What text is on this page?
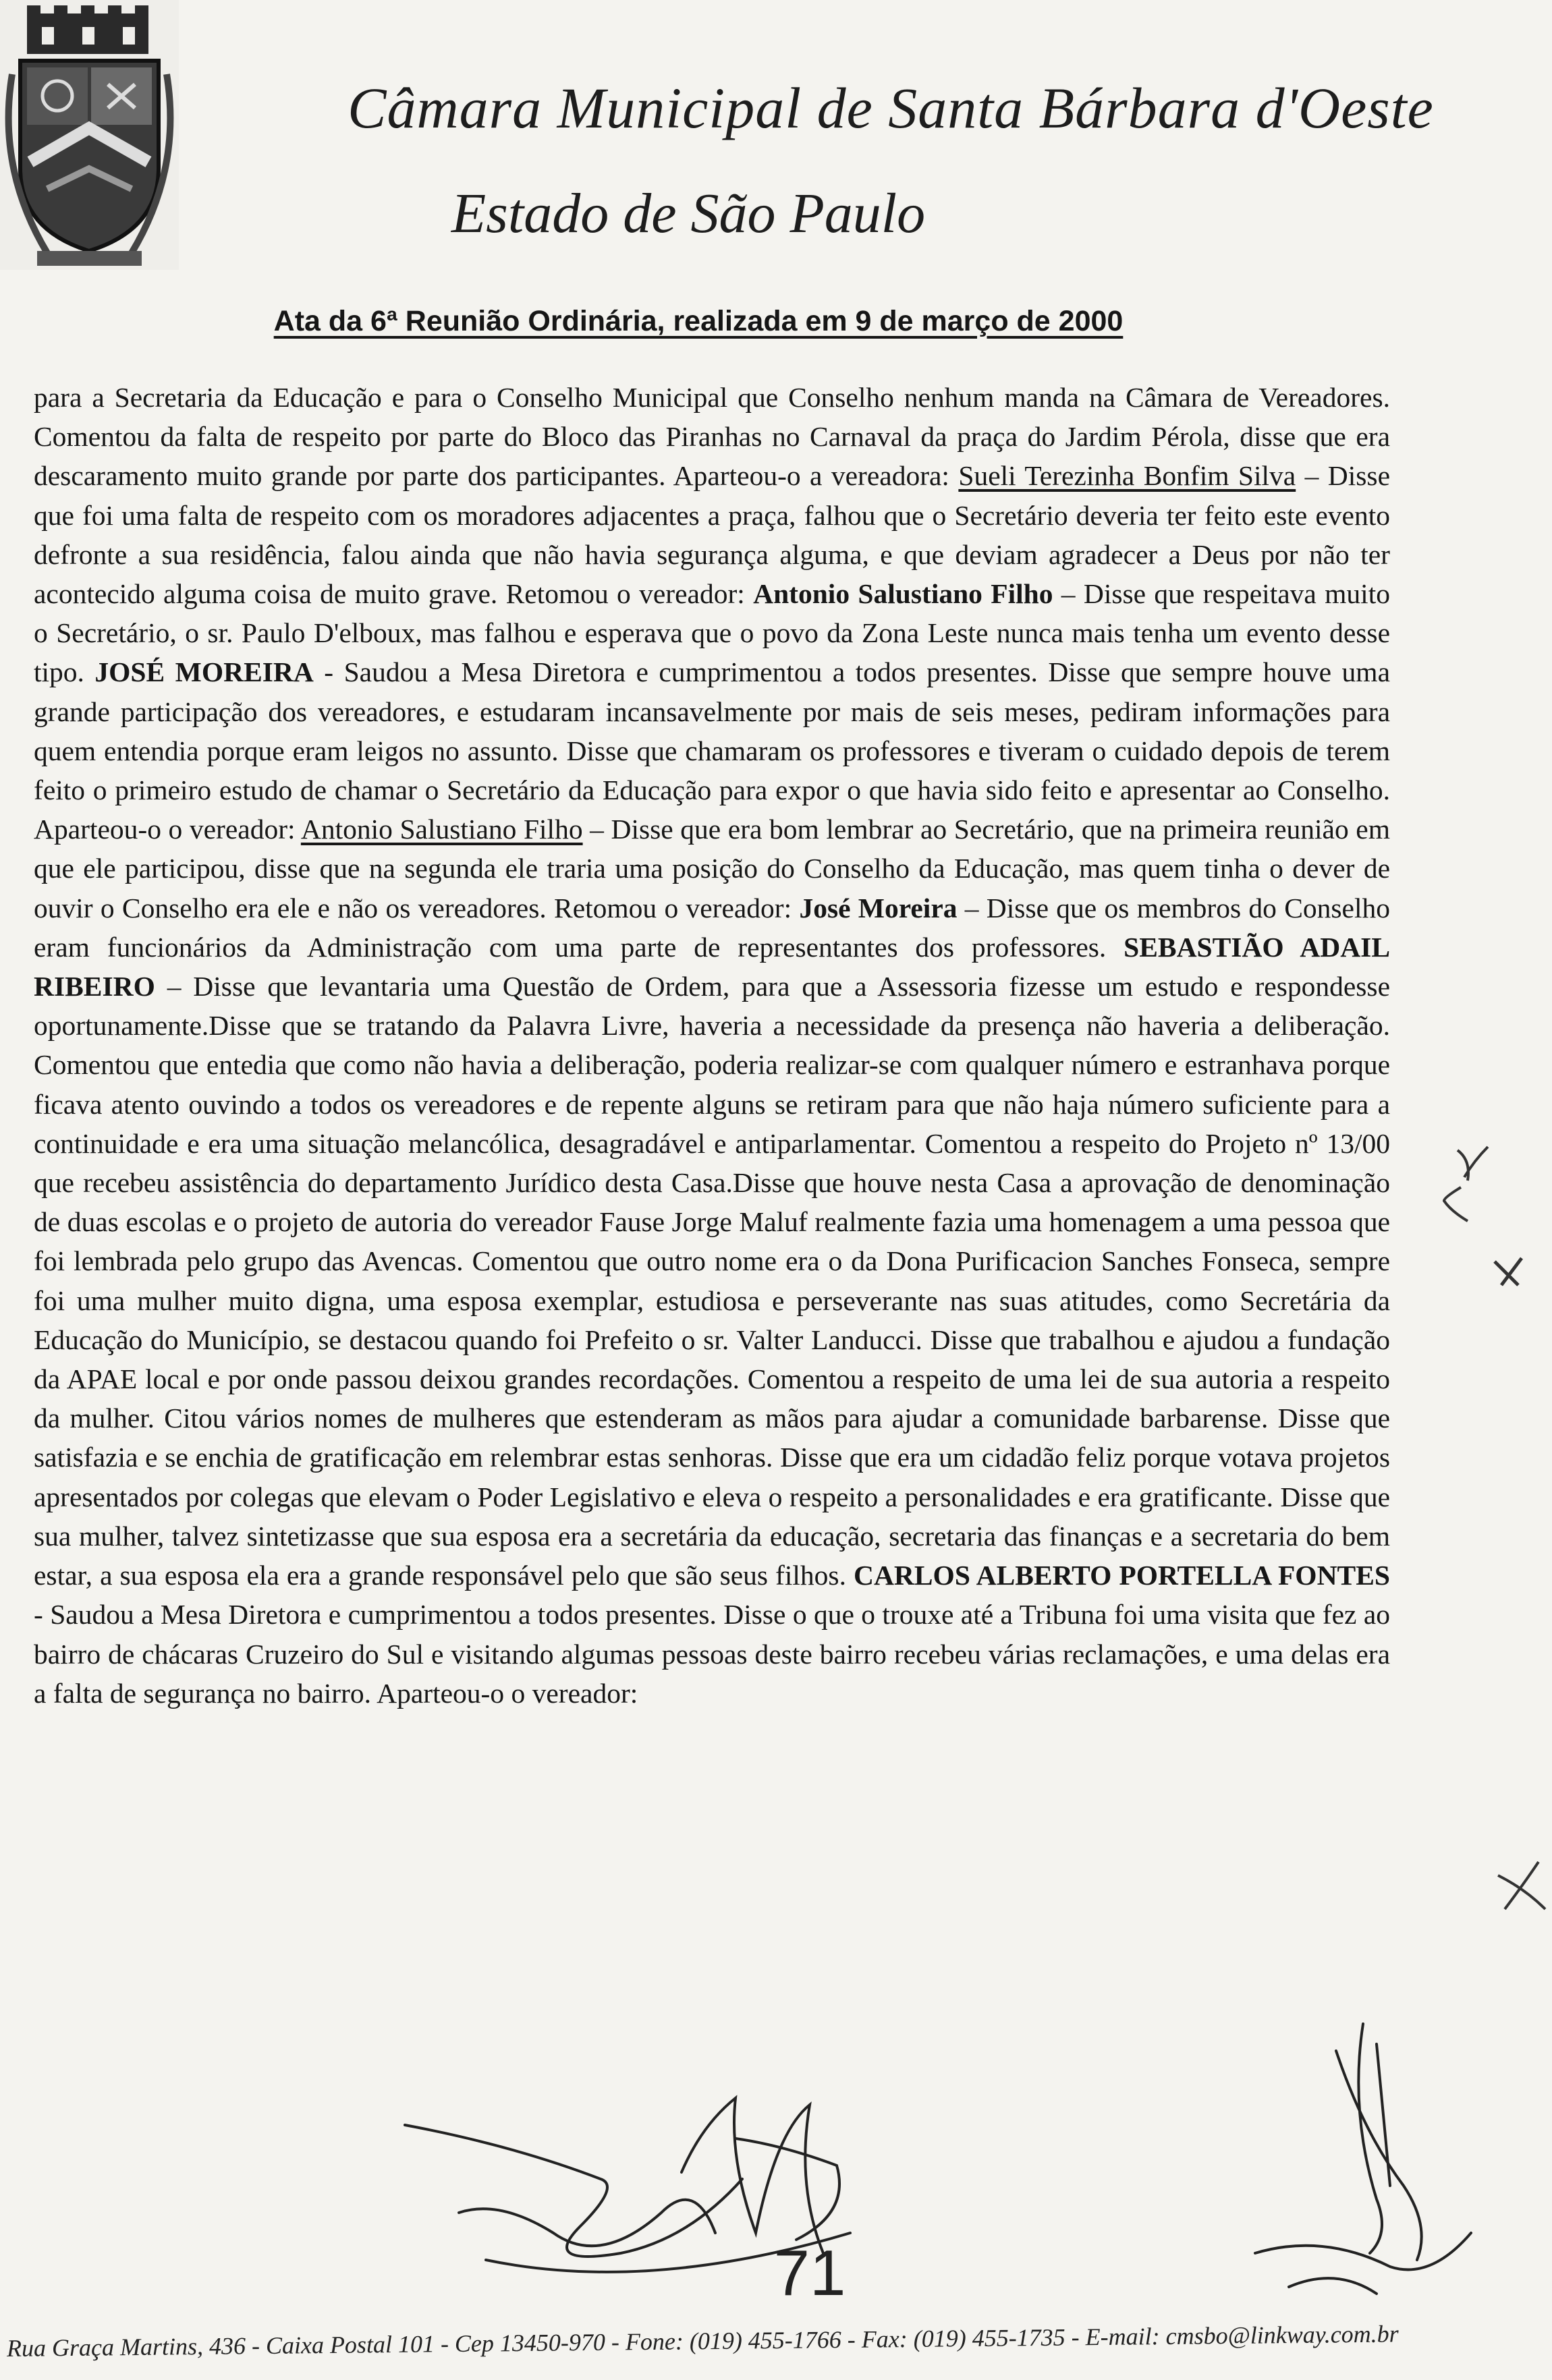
Câmara Municipal de Santa Bárbara d'Oeste
Estado de São Paulo
Ata da 6ª Reunião Ordinária, realizada em 9 de março de 2000

para a Secretaria da Educação e para o Conselho Municipal que Conselho nenhum manda na Câmara de Vereadores. Comentou da falta de respeito por parte do Bloco das Piranhas no Carnaval da praça do Jardim Pérola, disse que era descaramento muito grande por parte dos participantes. Aparteou-o a vereadora: Sueli Terezinha Bonfim Silva – Disse que foi uma falta de respeito com os moradores adjacentes a praça, falhou que o Secretário deveria ter feito este evento defronte a sua residência, falou ainda que não havia segurança alguma, e que deviam agradecer a Deus por não ter acontecido alguma coisa de muito grave. Retomou o vereador: Antonio Salustiano Filho – Disse que respeitava muito o Secretário, o sr. Paulo D'elboux, mas falhou e esperava que o povo da Zona Leste nunca mais tenha um evento desse tipo. JOSÉ MOREIRA - Saudou a Mesa Diretora e cumprimentou a todos presentes. Disse que sempre houve uma grande participação dos vereadores, e estudaram incansavelmente por mais de seis meses, pediram informações para quem entendia porque eram leigos no assunto. Disse que chamaram os professores e tiveram o cuidado depois de terem feito o primeiro estudo de chamar o Secretário da Educação para expor o que havia sido feito e apresentar ao Conselho. Aparteou-o o vereador: Antonio Salustiano Filho – Disse que era bom lembrar ao Secretário, que na primeira reunião em que ele participou, disse que na segunda ele traria uma posição do Conselho da Educação, mas quem tinha o dever de ouvir o Conselho era ele e não os vereadores. Retomou o vereador: José Moreira – Disse que os membros do Conselho eram funcionários da Administração com uma parte de representantes dos professores. SEBASTIÃO ADAIL RIBEIRO – Disse que levantaria uma Questão de Ordem, para que a Assessoria fizesse um estudo e respondesse oportunamente.Disse que se tratando da Palavra Livre, haveria a necessidade da presença não haveria a deliberação. Comentou que entedia que como não havia a deliberação, poderia realizar-se com qualquer número e estranhava porque ficava atento ouvindo a todos os vereadores e de repente alguns se retiram para que não haja número suficiente para a continuidade e era uma situação melancólica, desagradável e antiparlamentar. Comentou a respeito do Projeto nº 13/00 que recebeu assistência do departamento Jurídico desta Casa.Disse que houve nesta Casa a aprovação de denominação de duas escolas e o projeto de autoria do vereador Fause Jorge Maluf realmente fazia uma homenagem a uma pessoa que foi lembrada pelo grupo das Avencas. Comentou que outro nome era o da Dona Purificacion Sanches Fonseca, sempre foi uma mulher muito digna, uma esposa exemplar, estudiosa e perseverante nas suas atitudes, como Secretária da Educação do Município, se destacou quando foi Prefeito o sr. Valter Landucci. Disse que trabalhou e ajudou a fundação da APAE local e por onde passou deixou grandes recordações. Comentou a respeito de uma lei de sua autoria a respeito da mulher. Citou vários nomes de mulheres que estenderam as mãos para ajudar a comunidade barbarense. Disse que satisfazia e se enchia de gratificação em relembrar estas senhoras. Disse que era um cidadão feliz porque votava projetos apresentados por colegas que elevam o Poder Legislativo e eleva o respeito a personalidades e era gratificante. Disse que sua mulher, talvez sintetizasse que sua esposa era a secretária da educação, secretaria das finanças e a secretaria do bem estar, a sua esposa ela era a grande responsável pelo que são seus filhos. CARLOS ALBERTO PORTELLA FONTES - Saudou a Mesa Diretora e cumprimentou a todos presentes. Disse o que o trouxe até a Tribuna foi uma visita que fez ao bairro de chácaras Cruzeiro do Sul e visitando algumas pessoas deste bairro recebeu várias reclamações, e uma delas era a falta de segurança no bairro. Aparteou-o o vereador:

71
Rua Graça Martins, 436 - Caixa Postal 101 - Cep 13450-970 - Fone: (019) 455-1766 - Fax: (019) 455-1735 - E-mail: cmsbo@linkway.com.br
